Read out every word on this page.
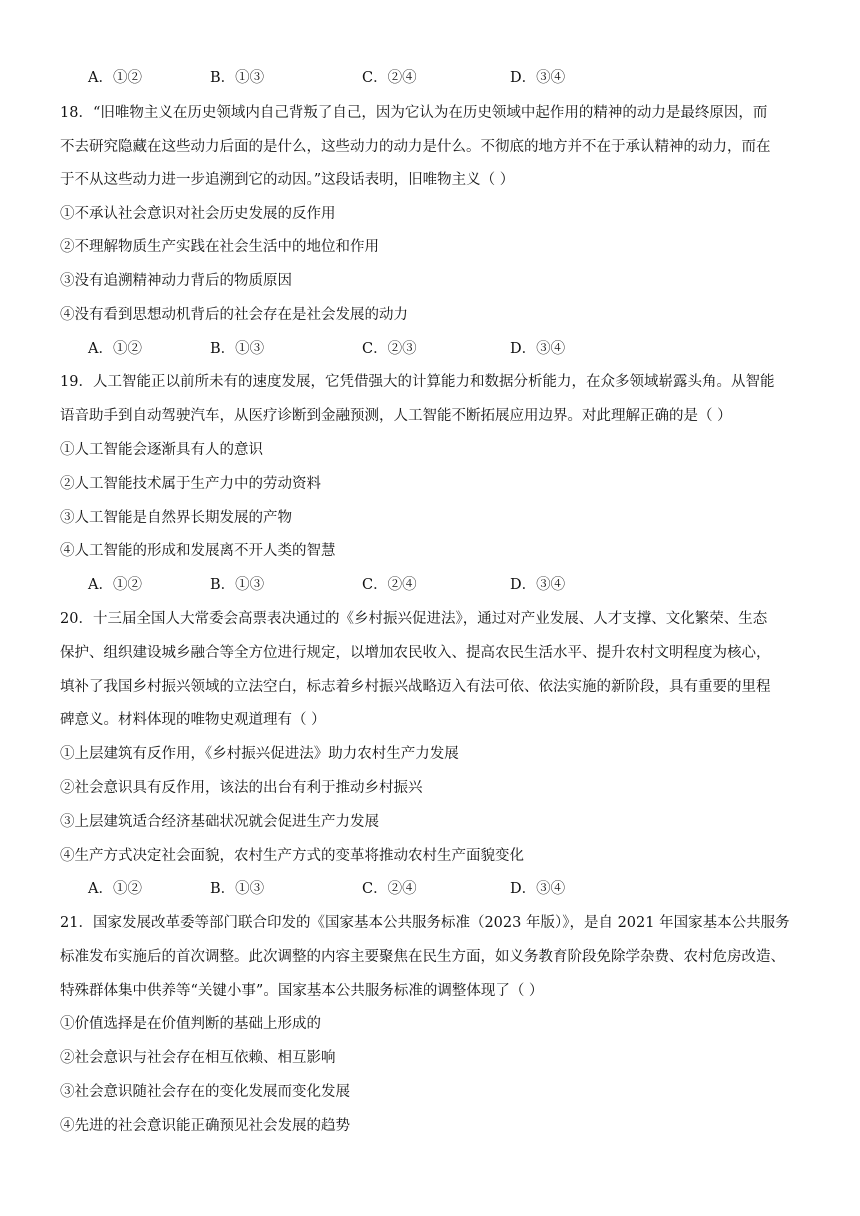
A．①②	B．①③	C．②④	D．③④
18．“旧唯物主义在历史领域内自己背叛了自己，因为它认为在历史领域中起作用的精神的动力是最终原因，而
不去研究隐藏在这些动力后面的是什么，这些动力的动力是什么。不彻底的地方并不在于承认精神的动力，而在
于不从这些动力进一步追溯到它的动因。”这段话表明，旧唯物主义（ ）
①不承认社会意识对社会历史发展的反作用
②不理解物质生产实践在社会生活中的地位和作用
③没有追溯精神动力背后的物质原因
④没有看到思想动机背后的社会存在是社会发展的动力
A．①②	B．①③	C．②③	D．③④
19．人工智能正以前所未有的速度发展，它凭借强大的计算能力和数据分析能力，在众多领域崭露头角。从智能
语音助手到自动驾驶汽车，从医疗诊断到金融预测，人工智能不断拓展应用边界。对此理解正确的是（ ）
①人工智能会逐渐具有人的意识
②人工智能技术属于生产力中的劳动资料
③人工智能是自然界长期发展的产物
④人工智能的形成和发展离不开人类的智慧
A．①②	B．①③	C．②④	D．③④
20．十三届全国人大常委会高票表决通过的《乡村振兴促进法》，通过对产业发展、人才支撑、文化繁荣、生态
保护、组织建设城乡融合等全方位进行规定，以增加农民收入、提高农民生活水平、提升农村文明程度为核心，
填补了我国乡村振兴领域的立法空白，标志着乡村振兴战略迈入有法可依、依法实施的新阶段，具有重要的里程
碑意义。材料体现的唯物史观道理有（ ）
①上层建筑有反作用，《乡村振兴促进法》助力农村生产力发展
②社会意识具有反作用，该法的出台有利于推动乡村振兴
③上层建筑适合经济基础状况就会促进生产力发展
④生产方式决定社会面貌，农村生产方式的变革将推动农村生产面貌变化
A．①②	B．①③	C．②④	D．③④
21．国家发展改革委等部门联合印发的《国家基本公共服务标准（2023 年版）》，是自 2021 年国家基本公共服务
标准发布实施后的首次调整。此次调整的内容主要聚焦在民生方面，如义务教育阶段免除学杂费、农村危房改造、
特殊群体集中供养等“关键小事”。国家基本公共服务标准的调整体现了（ ）
①价值选择是在价值判断的基础上形成的
②社会意识与社会存在相互依赖、相互影响
③社会意识随社会存在的变化发展而变化发展
④先进的社会意识能正确预见社会发展的趋势
